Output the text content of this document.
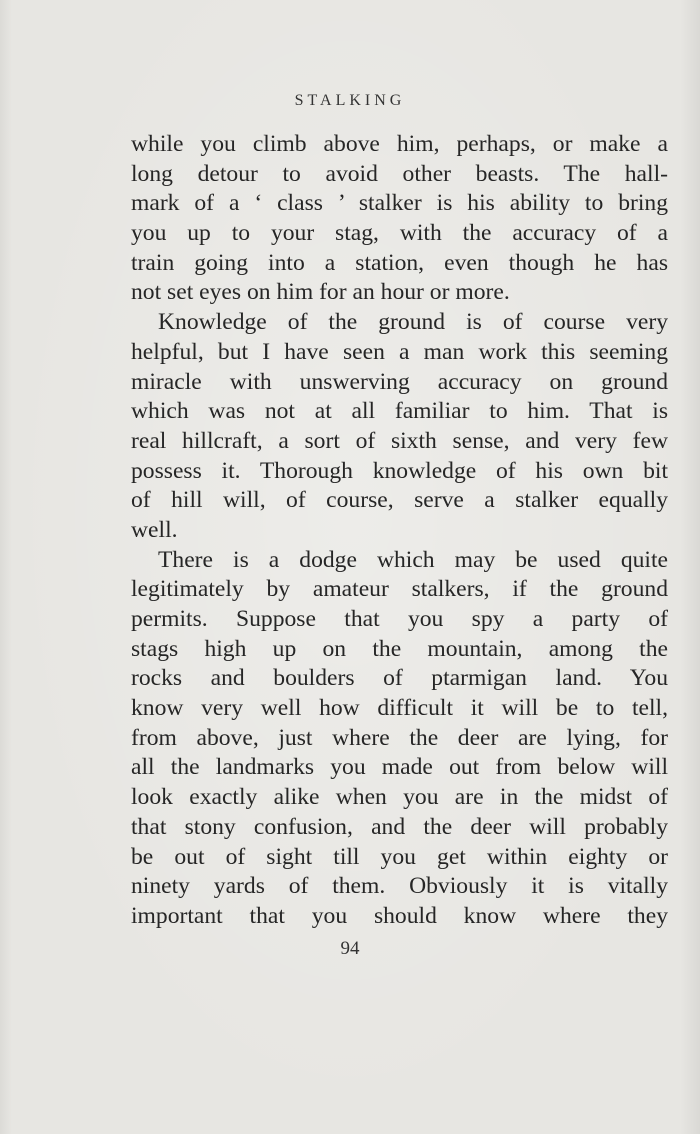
STALKING
while you climb above him, perhaps, or make a
long detour to avoid other beasts. The hall-
mark of a ‘ class ’ stalker is his ability to bring
you up to your stag, with the accuracy of a
train going into a station, even though he has
not set eyes on him for an hour or more.
Knowledge of the ground is of course very
helpful, but I have seen a man work this seeming
miracle with unswerving accuracy on ground
which was not at all familiar to him. That is
real hillcraft, a sort of sixth sense, and very few
possess it. Thorough knowledge of his own bit
of hill will, of course, serve a stalker equally
well.
There is a dodge which may be used quite
legitimately by amateur stalkers, if the ground
permits. Suppose that you spy a party of
stags high up on the mountain, among the
rocks and boulders of ptarmigan land. You
know very well how difficult it will be to tell,
from above, just where the deer are lying, for
all the landmarks you made out from below will
look exactly alike when you are in the midst of
that stony confusion, and the deer will probably
be out of sight till you get within eighty or
ninety yards of them. Obviously it is vitally
important that you should know where they
94
